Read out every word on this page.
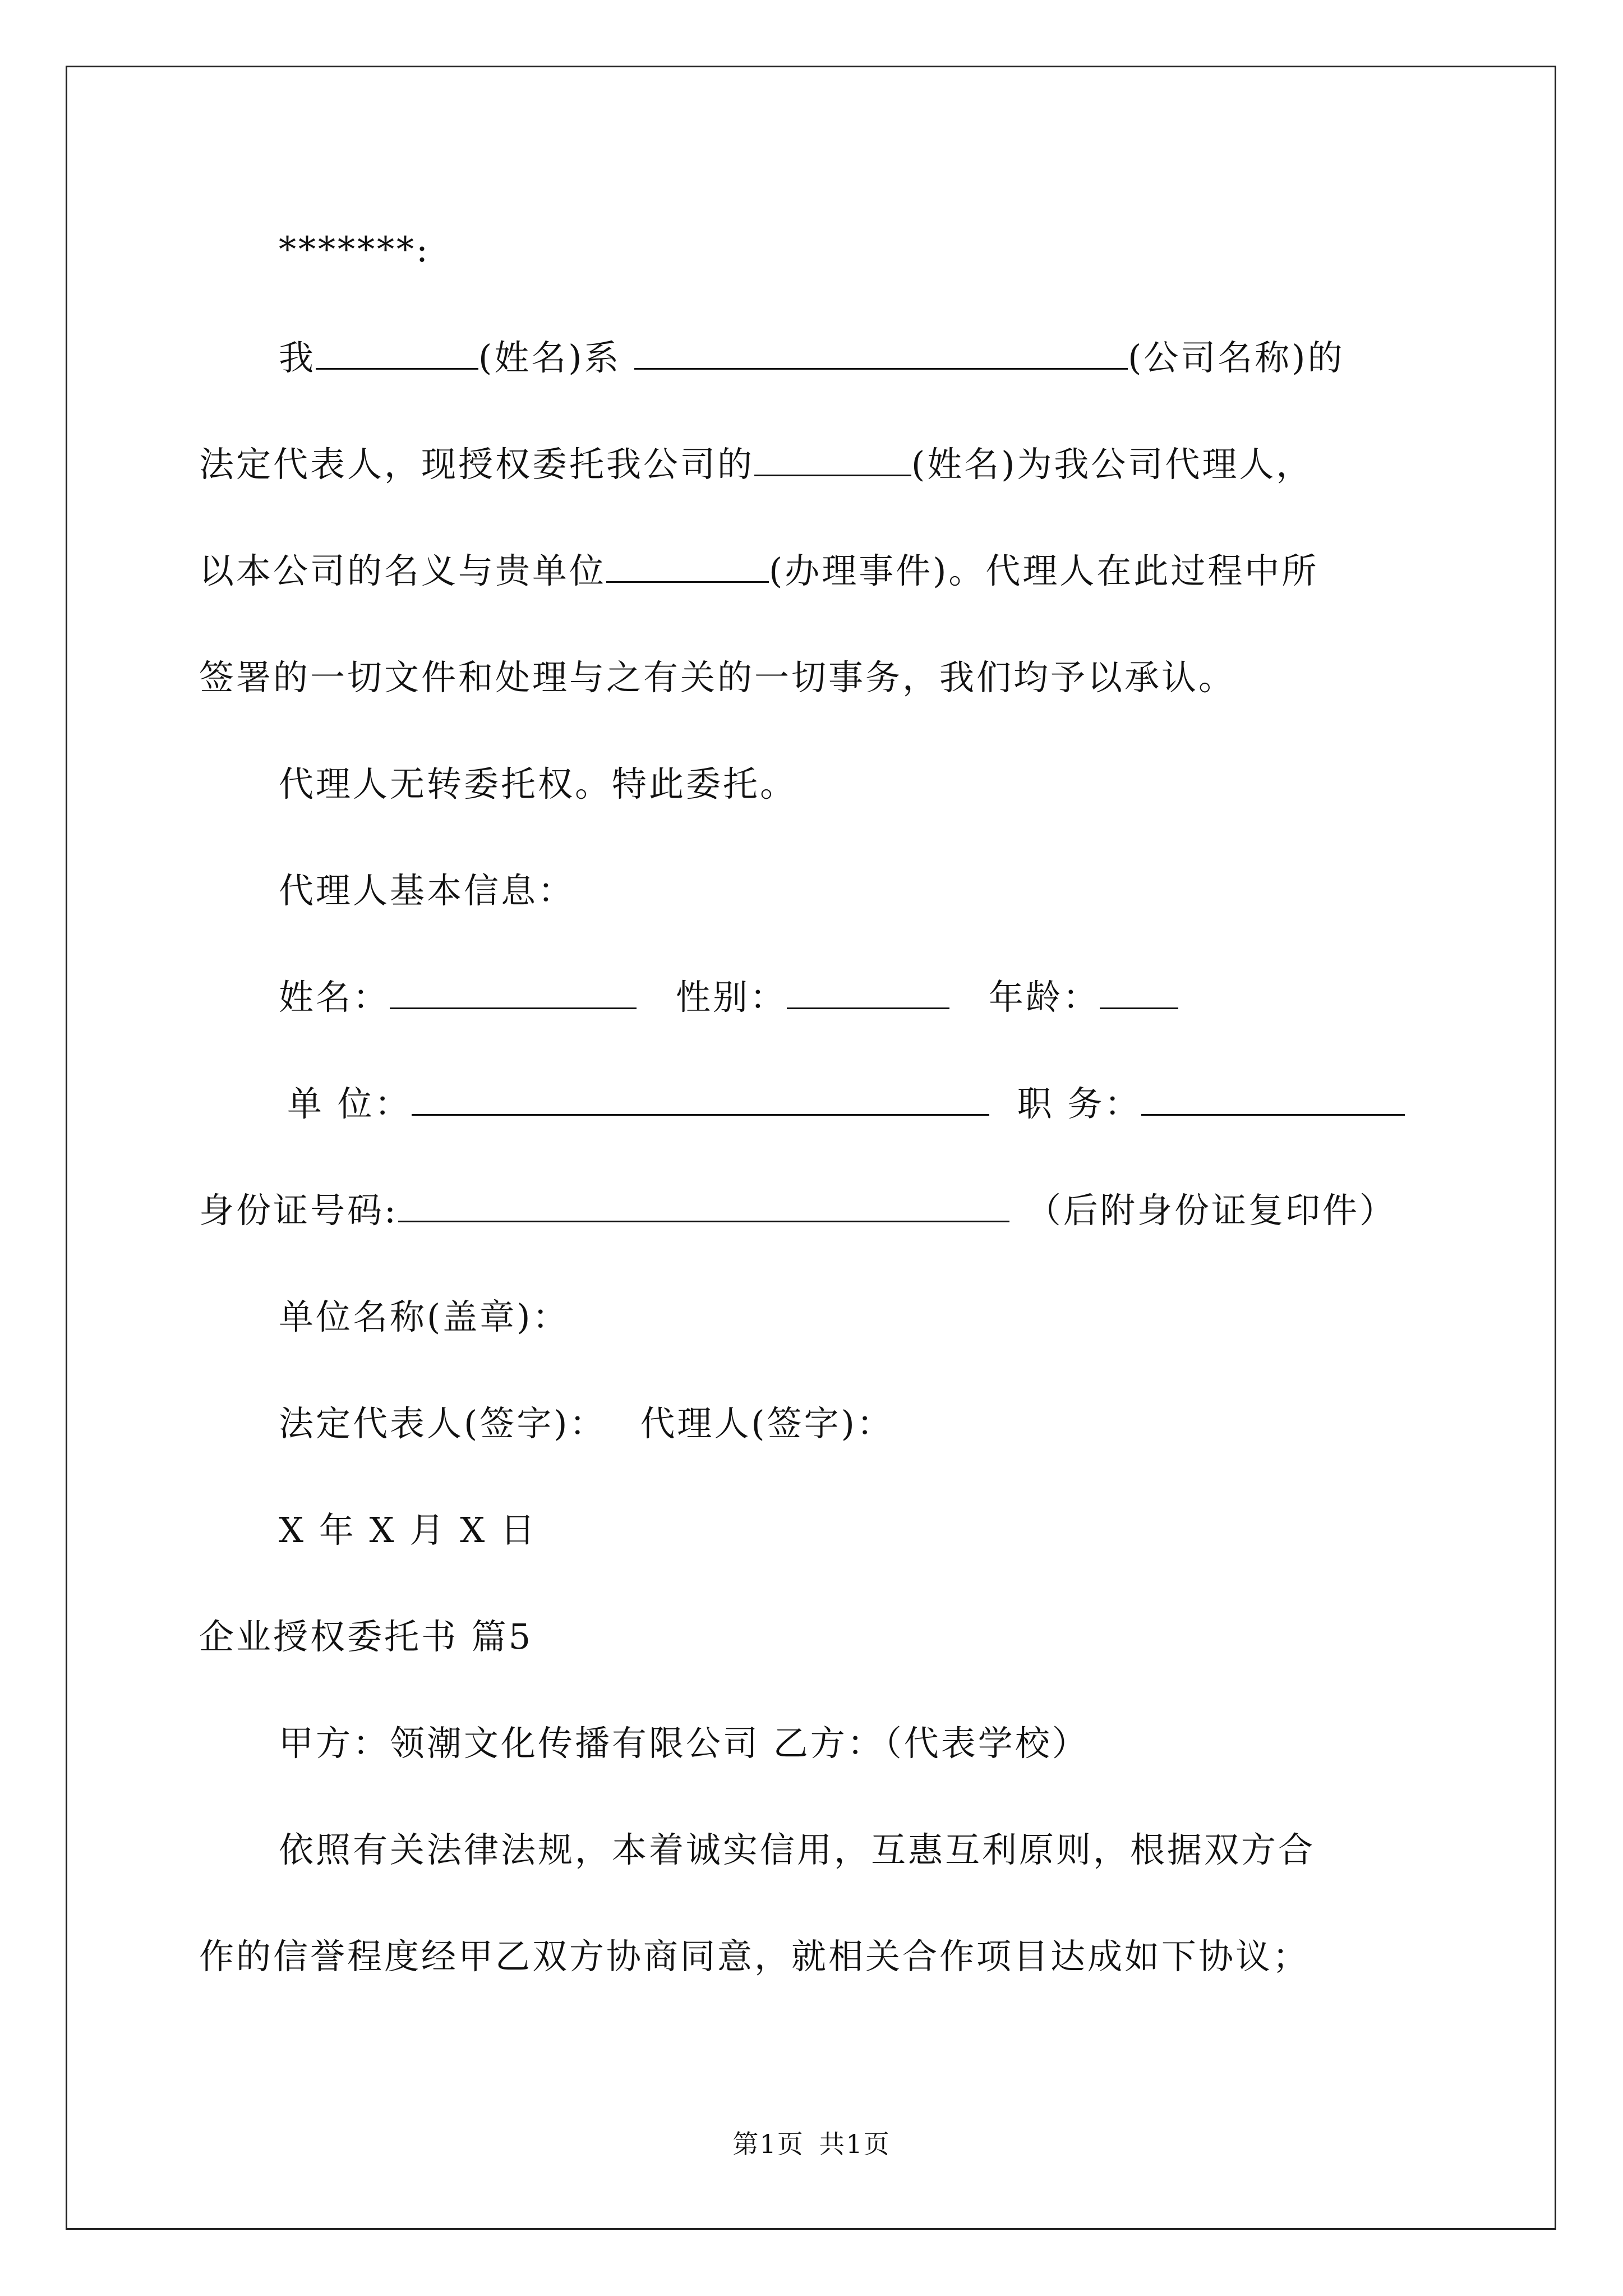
*******:
我	(姓名)系	(公司名称)的
法定代表人，现授权委托我公司的	(姓名)为我公司代理人，
以本公司的名义与贵单位	(办理事件)。代理人在此过程中所
签署的一切文件和处理与之有关的一切事务，我们均予以承认。
代理人无转委托权。特此委托。
代理人基本信息：
姓名：	性别：	年龄：
单 位：	职 务：
身份证号码:	（后附身份证复印件）
单位名称(盖章)：
法定代表人(签字)： 代理人(签字)：
X 年 X 月 X 日
企业授权委托书 篇5
甲方：领潮文化传播有限公司 乙方：（代表学校）
依照有关法律法规，本着诚实信用，互惠互利原则，根据双方合
作的信誉程度经甲乙双方协商同意，就相关合作项目达成如下协议；
第1页 共1页
